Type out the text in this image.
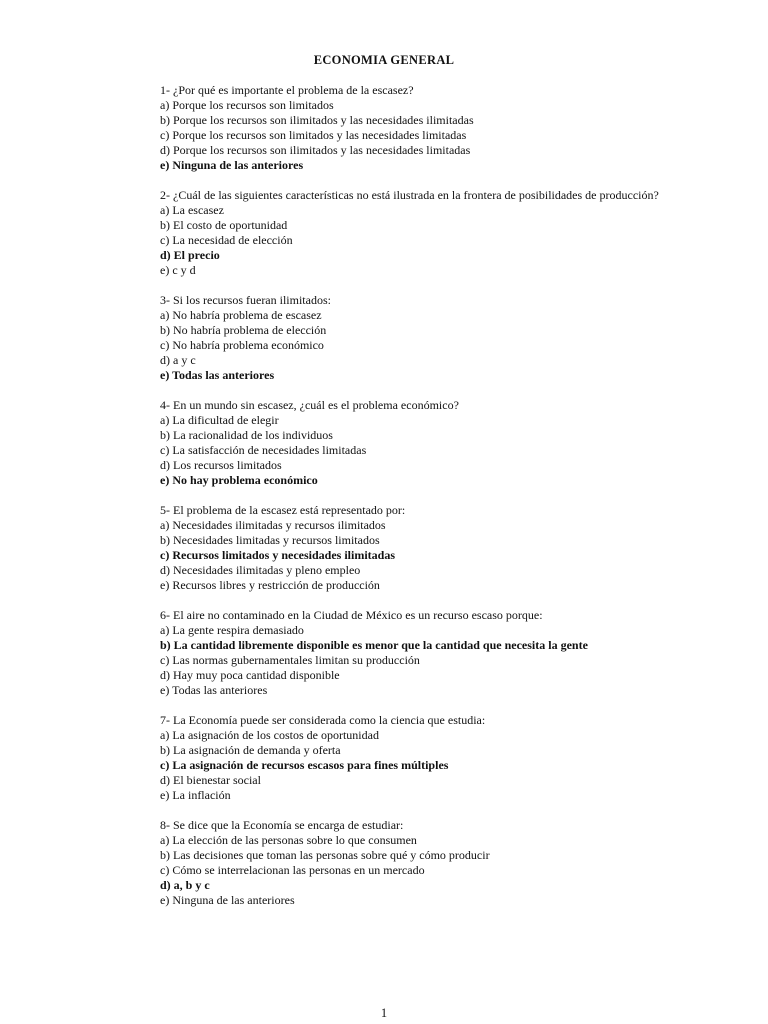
ECONOMIA GENERAL

1- ¿Por qué es importante el problema de la escasez?

a) Porque los recursos son limitados

b) Porque los recursos son ilimitados y las necesidades ilimitadas

c) Porque los recursos son limitados y las necesidades limitadas

d) Porque los recursos son ilimitados y las necesidades limitadas

e) Ninguna de las anteriores

2- ¿Cuál de las siguientes características no está ilustrada en la frontera de posibilidades de producción?

a) La escasez

b) El costo de oportunidad

c) La necesidad de elección

d) El precio

e) c y d

3- Si los recursos fueran ilimitados:

a) No habría problema de escasez

b) No habría problema de elección

c) No habría problema económico

d) a y c

e) Todas las anteriores

4- En un mundo sin escasez, ¿cuál es el problema económico?

a) La dificultad de elegir

b) La racionalidad de los individuos

c) La satisfacción de necesidades limitadas

d) Los recursos limitados

e) No hay problema económico

5- El problema de la escasez está representado por:

a) Necesidades ilimitadas y recursos ilimitados

b) Necesidades limitadas y recursos limitados

c) Recursos limitados y necesidades ilimitadas

d) Necesidades ilimitadas y pleno empleo

e) Recursos libres y restricción de producción

6- El aire no contaminado en la Ciudad de México es un recurso escaso porque:

a) La gente respira demasiado

b) La cantidad libremente disponible es menor que la cantidad que necesita la gente

c) Las normas gubernamentales limitan su producción

d) Hay muy poca cantidad disponible

e) Todas las anteriores

7- La Economía puede ser considerada como la ciencia que estudia:

a) La asignación de los costos de oportunidad

b) La asignación de demanda y oferta

c) La asignación de recursos escasos para fines múltiples

d) El bienestar social

e) La inflación

8- Se dice que la Economía se encarga de estudiar:

a) La elección de las personas sobre lo que consumen

b) Las decisiones que toman las personas sobre qué y cómo producir

c) Cómo se interrelacionan las personas en un mercado

d) a, b y c

e) Ninguna de las anteriores

1
